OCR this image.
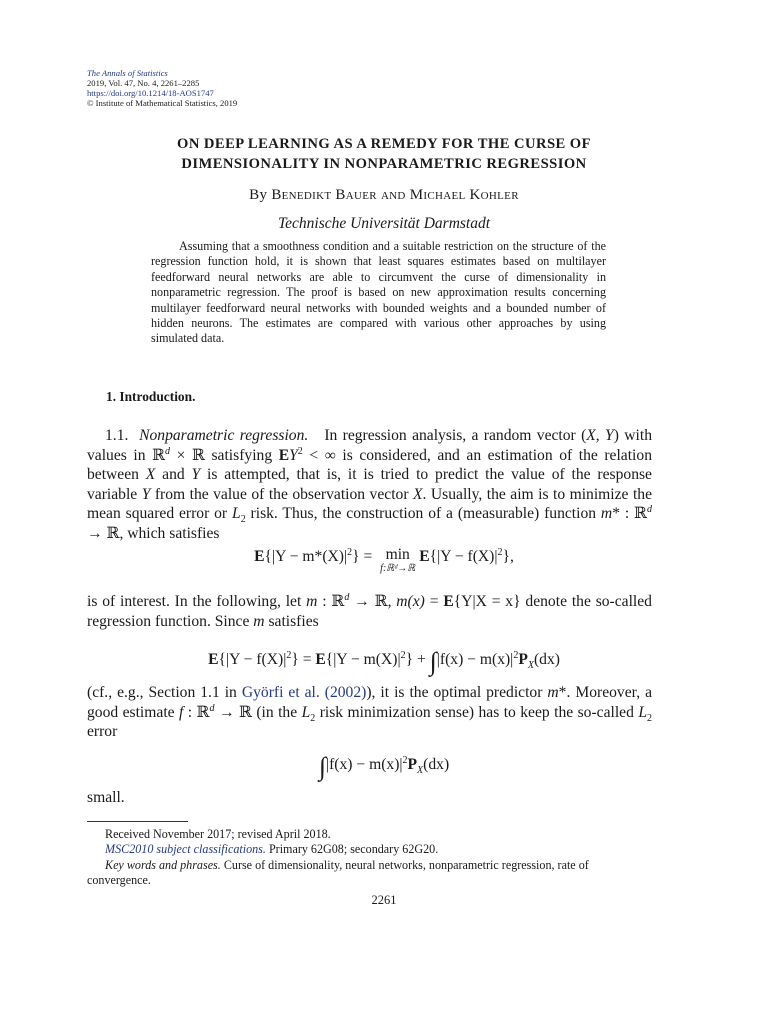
The Annals of Statistics
2019, Vol. 47, No. 4, 2261–2285
https://doi.org/10.1214/18-AOS1747
© Institute of Mathematical Statistics, 2019
ON DEEP LEARNING AS A REMEDY FOR THE CURSE OF
DIMENSIONALITY IN NONPARAMETRIC REGRESSION
By Benedikt Bauer and Michael Kohler
Technische Universität Darmstadt

Assuming that a smoothness condition and a suitable restriction on the structure of the regression function hold, it is shown that least squares estimates based on multilayer feedforward neural networks are able to circumvent the curse of dimensionality in nonparametric regression. The proof is based on new approximation results concerning multilayer feedforward neural networks with bounded weights and a bounded number of hidden neurons. The estimates are compared with various other approaches by using simulated data.

1. Introduction.

1.1. Nonparametric regression. In regression analysis, a random vector (X, Y) with values in ℝ$^d$ × ℝ satisfying $EY^2$ < ∞ is considered, and an estimation of the relation between X and Y is attempted, that is, it is tried to predict the value of the response variable Y from the value of the observation vector X. Usually, the aim is to minimize the mean squared error or $L_2$ risk. Thus, the construction of a (measurable) function m* : ℝ$^d$ → ℝ, which satisfies

$E\{|Y - m*(X)|^2\} = \min$
f:ℝᵈ→ℝ
$E\{|Y - f(X)|^2\}$,

is of interest. In the following, let m : ℝ$^d$ → ℝ, m(x) = E{Y|X = x} denote the so-called regression function. Since m satisfies

$E\{|Y - f(X)|^2\} = E\{|Y - m(X)|^2\} + \int|f(x) - m(x)|^2P_X(dx)$

(cf., e.g., Section 1.1 in Györfi et al. (2002)), it is the optimal predictor m*. Moreover, a good estimate f : ℝ$^d$ → ℝ (in the $L_2$ risk minimization sense) has to keep the so-called $L_2$ error

$\int|f(x) - m(x)|^2P_X(dx)$
small.
Received November 2017; revised April 2018.
MSC2010 subject classifications. Primary 62G08; secondary 62G20.
Key words and phrases. Curse of dimensionality, neural networks, nonparametric regression, rate of convergence.
2261
